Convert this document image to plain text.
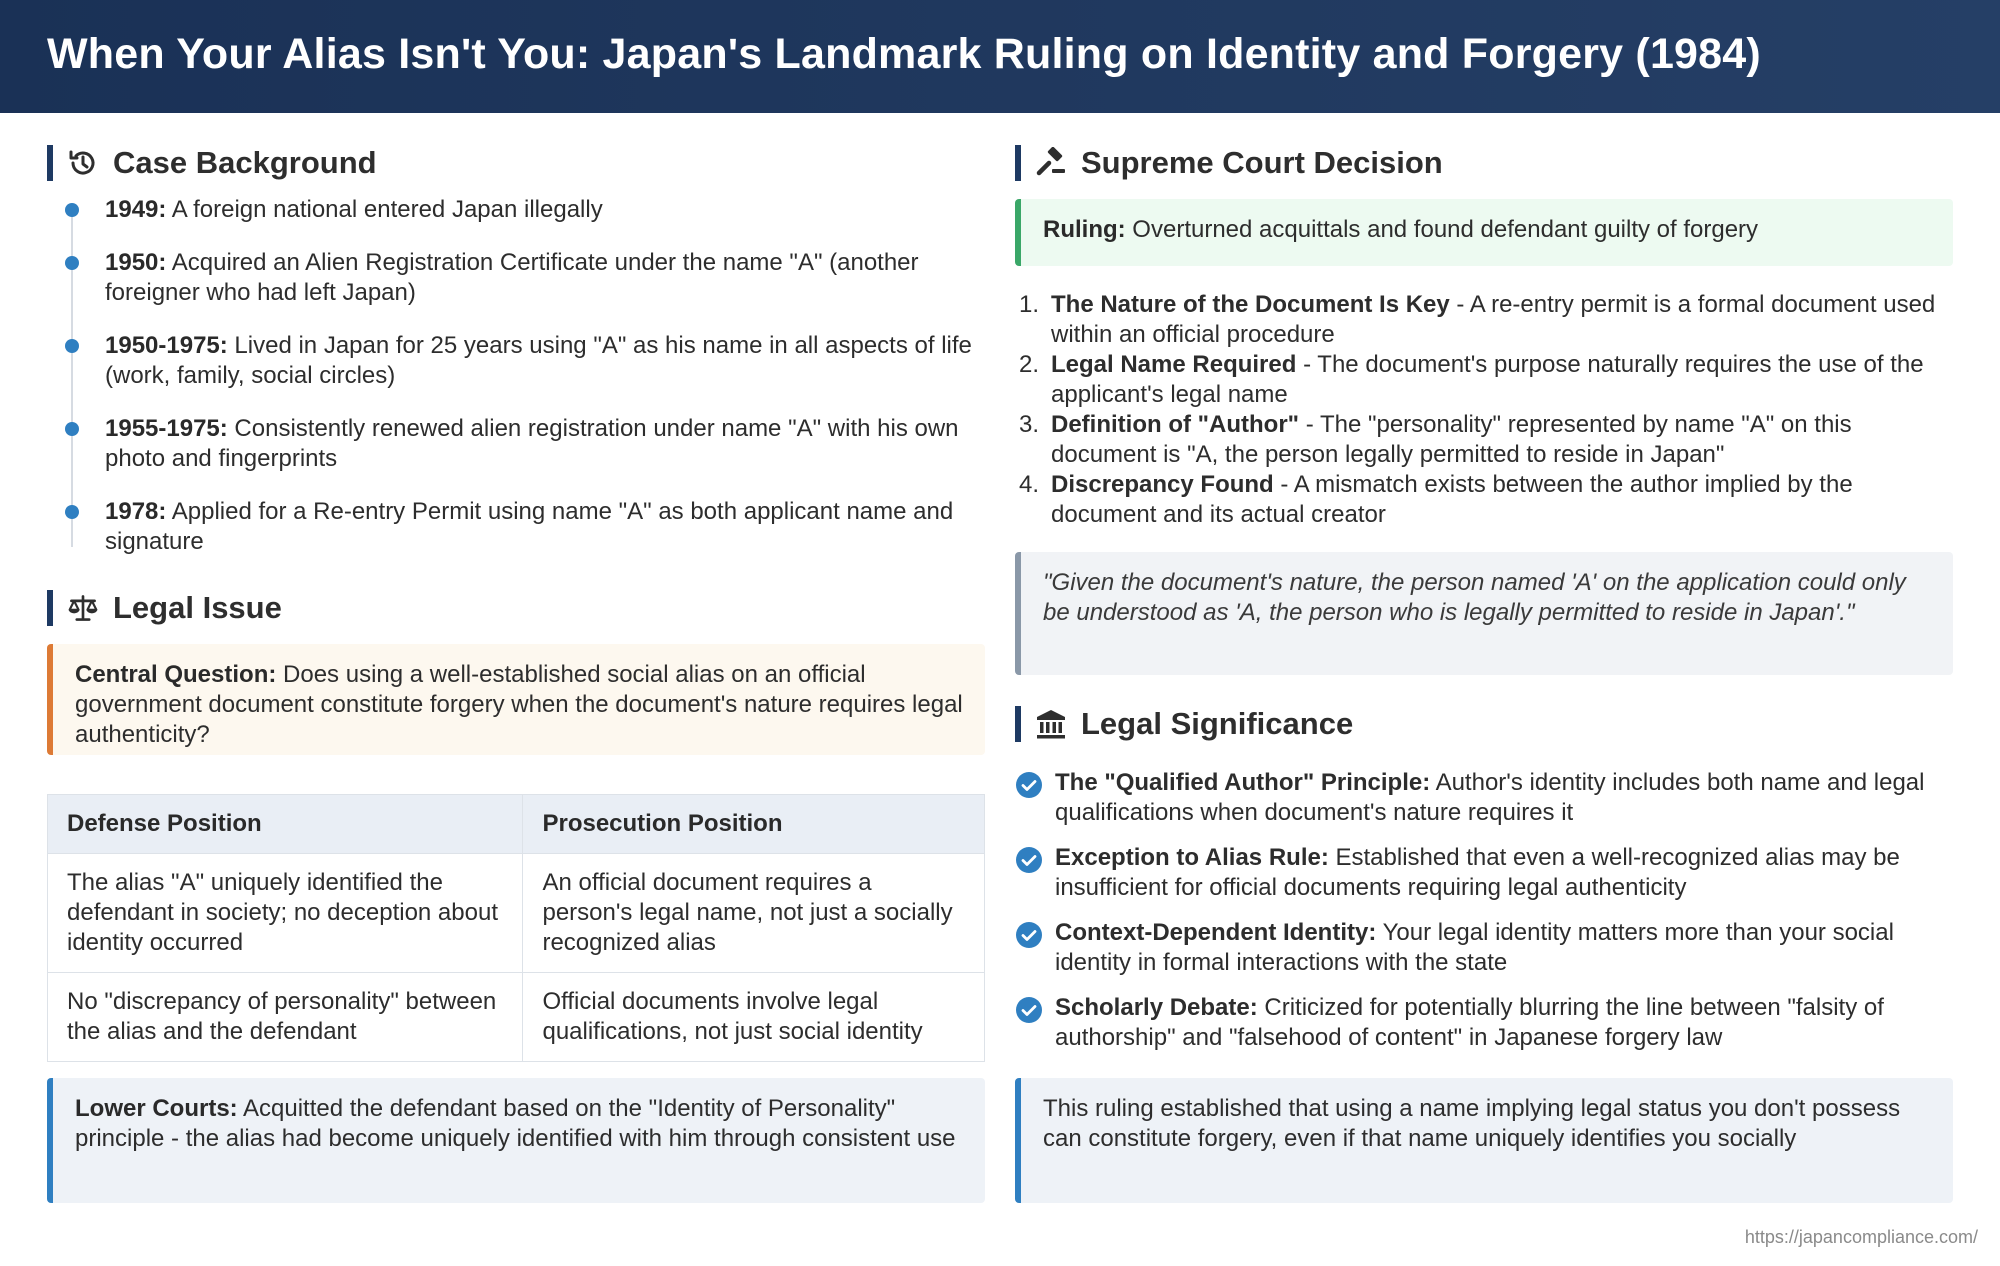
When Your Alias Isn't You: Japan's Landmark Ruling on Identity and Forgery (1984)
Case Background
1949: A foreign national entered Japan illegally
1950: Acquired an Alien Registration Certificate under the name "A" (another foreigner who had left Japan)
1950-1975: Lived in Japan for 25 years using "A" as his name in all aspects of life (work, family, social circles)
1955-1975: Consistently renewed alien registration under name "A" with his own photo and fingerprints
1978: Applied for a Re-entry Permit using name "A" as both applicant name and signature
Legal Issue
Central Question: Does using a well-established social alias on an official government document constitute forgery when the document's nature requires legal authenticity?
Defense Position	Prosecution Position
The alias "A" uniquely identified the defendant in society; no deception about identity occurred	An official document requires a person's legal name, not just a socially recognized alias
No "discrepancy of personality" between the alias and the defendant	Official documents involve legal qualifications, not just social identity
Lower Courts: Acquitted the defendant based on the "Identity of Personality" principle - the alias had become uniquely identified with him through consistent use
Supreme Court Decision
Ruling: Overturned acquittals and found defendant guilty of forgery
1. The Nature of the Document Is Key - A re-entry permit is a formal document used within an official procedure
2. Legal Name Required - The document's purpose naturally requires the use of the applicant's legal name
3. Definition of "Author" - The "personality" represented by name "A" on this document is "A, the person legally permitted to reside in Japan"
4. Discrepancy Found - A mismatch exists between the author implied by the document and its actual creator
"Given the document's nature, the person named 'A' on the application could only be understood as 'A, the person who is legally permitted to reside in Japan'."
Legal Significance
The "Qualified Author" Principle: Author's identity includes both name and legal qualifications when document's nature requires it
Exception to Alias Rule: Established that even a well-recognized alias may be insufficient for official documents requiring legal authenticity
Context-Dependent Identity: Your legal identity matters more than your social identity in formal interactions with the state
Scholarly Debate: Criticized for potentially blurring the line between "falsity of authorship" and "falsehood of content" in Japanese forgery law
This ruling established that using a name implying legal status you don't possess can constitute forgery, even if that name uniquely identifies you socially
https://japancompliance.com/
